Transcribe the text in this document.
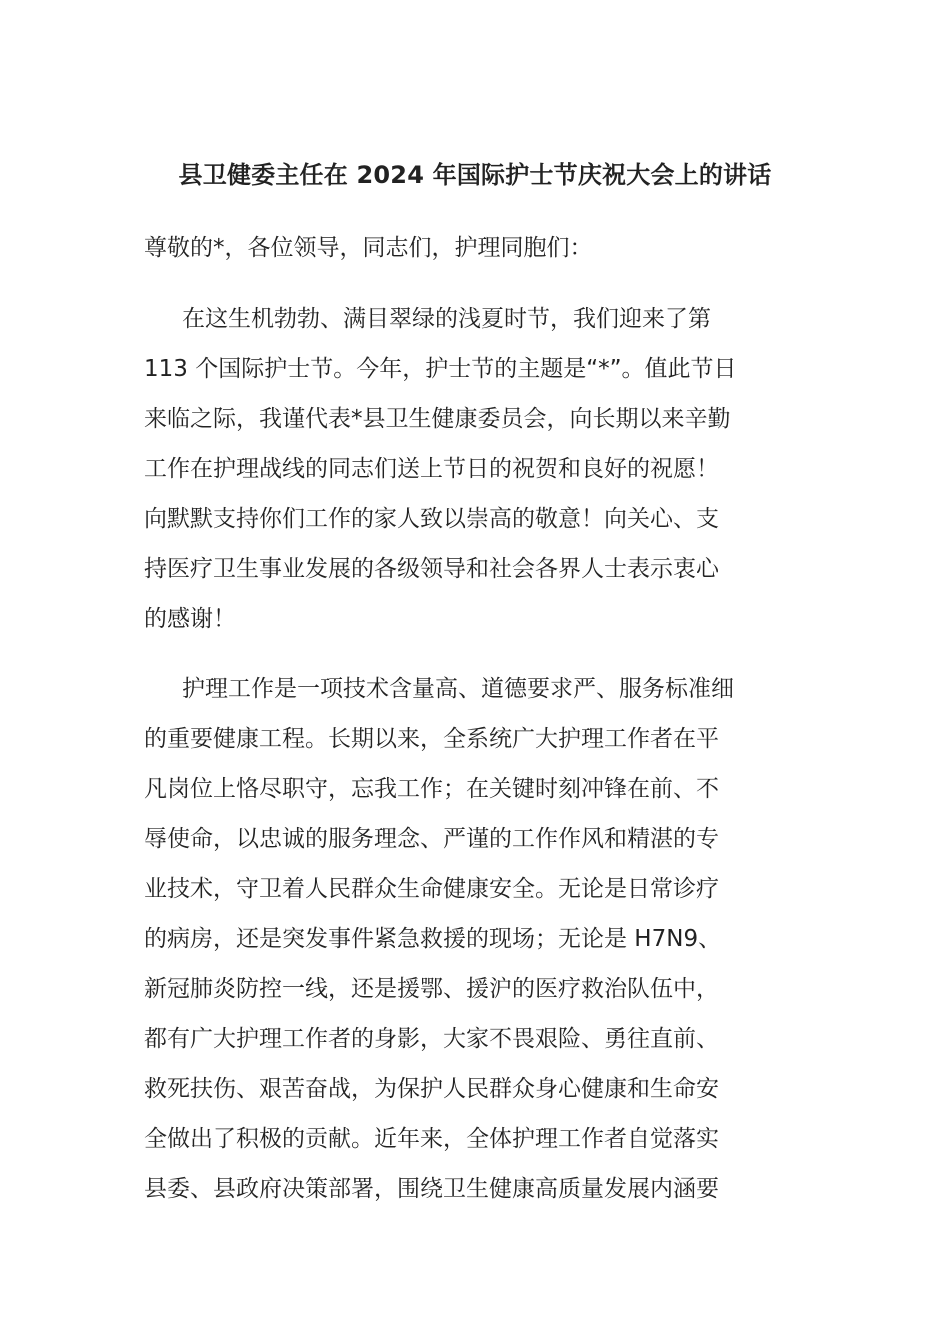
县卫健委主任在 2024 年国际护士节庆祝大会上的讲话
尊敬的*，各位领导，同志们，护理同胞们：
在这生机勃勃、满目翠绿的浅夏时节，我们迎来了第
113 个国际护士节。今年，护士节的主题是“*”。值此节日
来临之际，我谨代表*县卫生健康委员会，向长期以来辛勤
工作在护理战线的同志们送上节日的祝贺和良好的祝愿！
向默默支持你们工作的家人致以崇高的敬意！向关心、支
持医疗卫生事业发展的各级领导和社会各界人士表示衷心
的感谢！
护理工作是一项技术含量高、道德要求严、服务标准细
的重要健康工程。长期以来，全系统广大护理工作者在平
凡岗位上恪尽职守，忘我工作；在关键时刻冲锋在前、不
辱使命，以忠诚的服务理念、严谨的工作作风和精湛的专
业技术，守卫着人民群众生命健康安全。无论是日常诊疗
的病房，还是突发事件紧急救援的现场；无论是 H7N9、
新冠肺炎防控一线，还是援鄂、援沪的医疗救治队伍中，
都有广大护理工作者的身影，大家不畏艰险、勇往直前、
救死扶伤、艰苦奋战，为保护人民群众身心健康和生命安
全做出了积极的贡献。近年来，全体护理工作者自觉落实
县委、县政府决策部署，围绕卫生健康高质量发展内涵要
